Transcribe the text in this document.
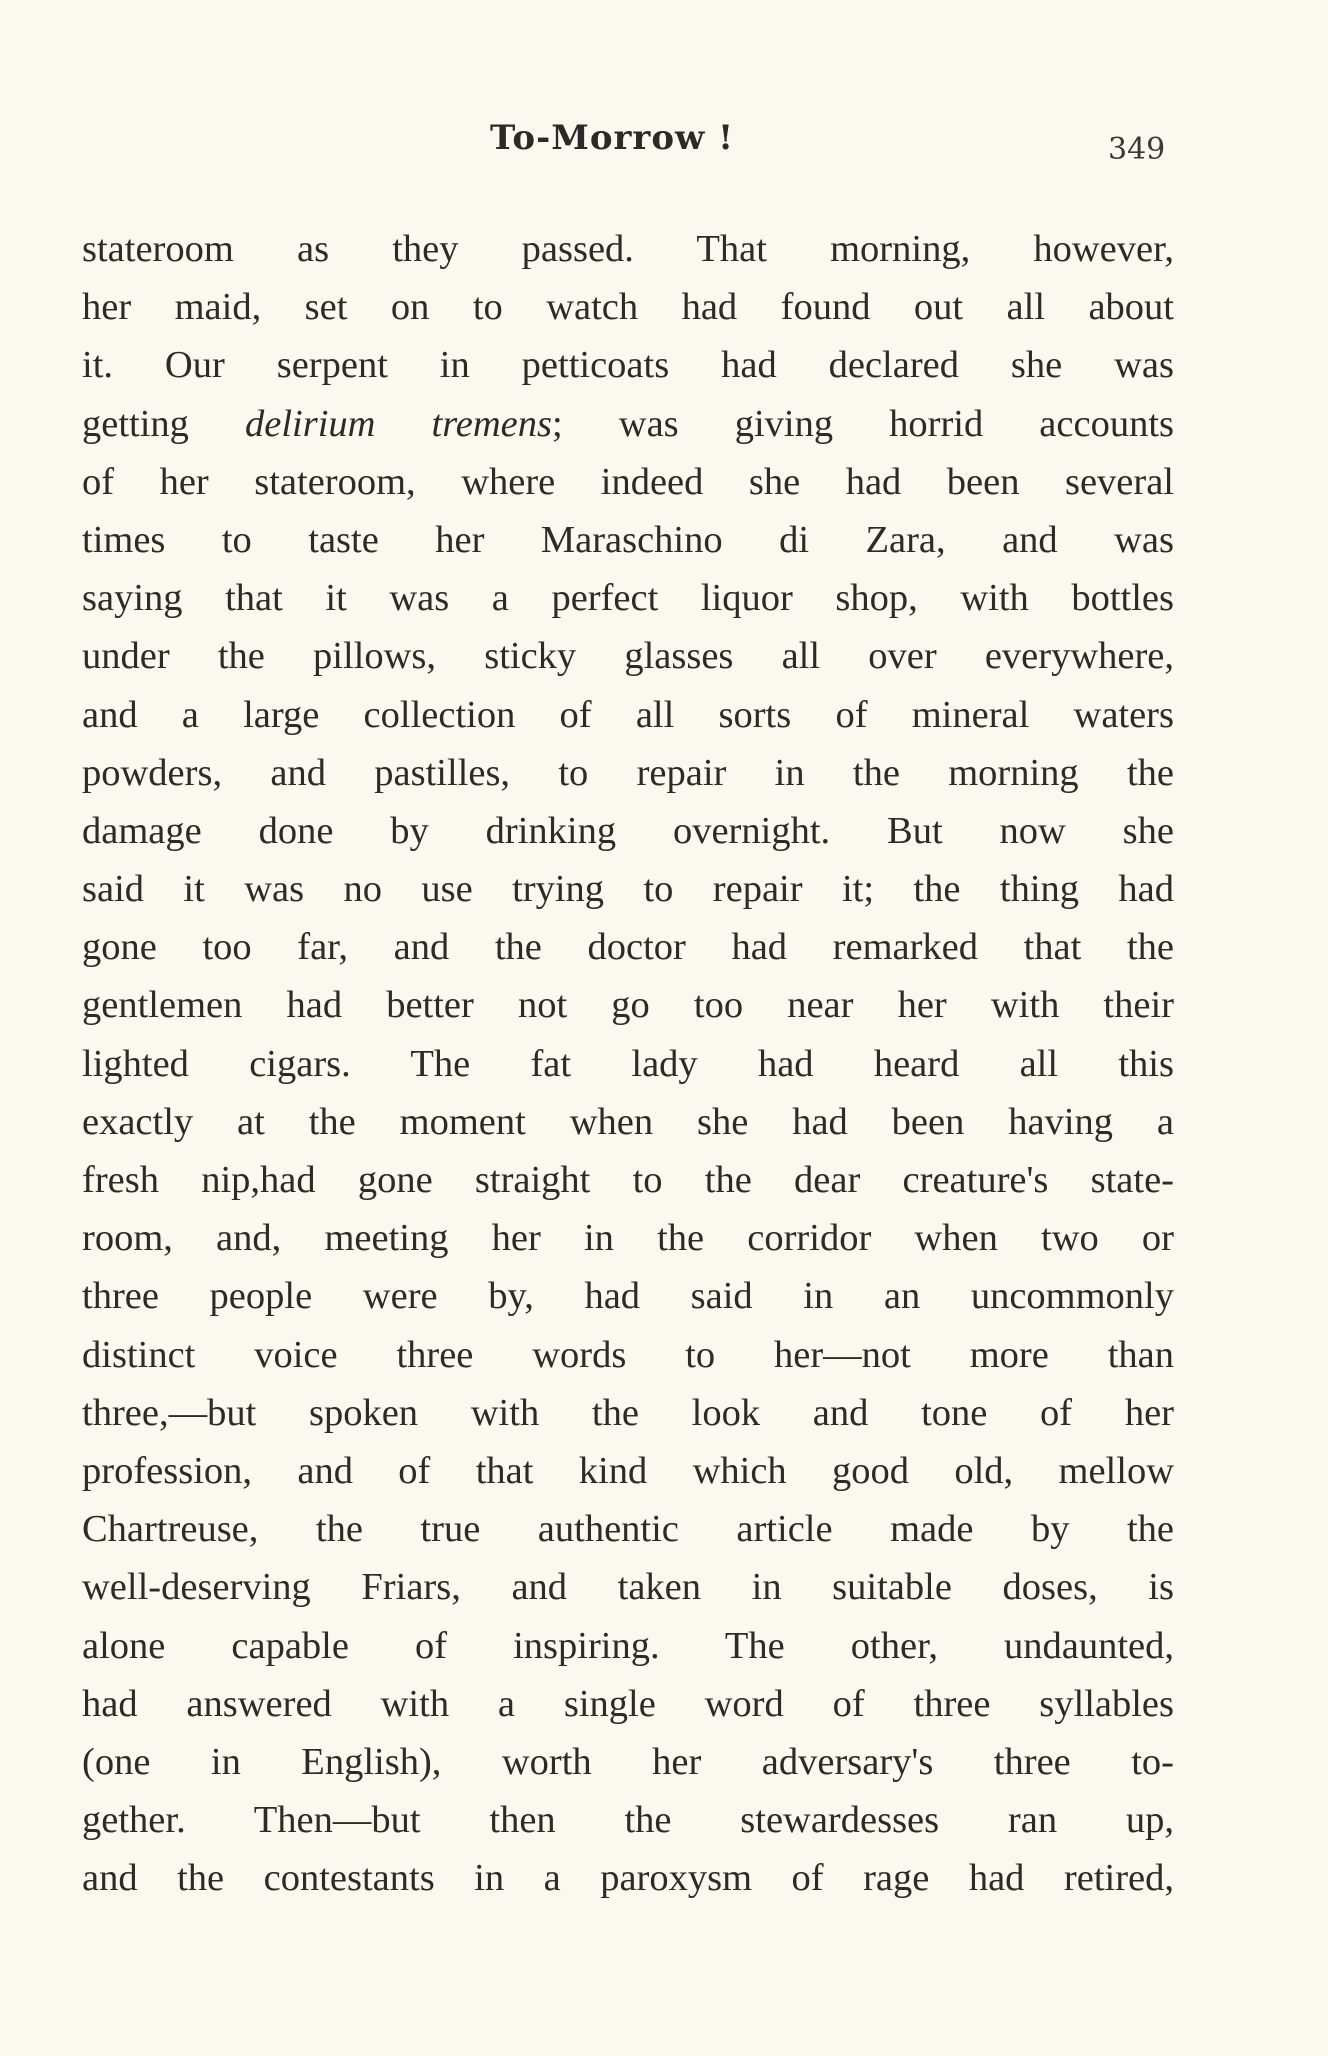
To-Morrow !	349
stateroom as they passed. That morning, however,
her maid, set on to watch had found out all about
it. Our serpent in petticoats had declared she was
getting delirium tremens; was giving horrid accounts
of her stateroom, where indeed she had been several
times to taste her Maraschino di Zara, and was
saying that it was a perfect liquor shop, with bottles
under the pillows, sticky glasses all over everywhere,
and a large collection of all sorts of mineral waters
powders, and pastilles, to repair in the morning the
damage done by drinking overnight. But now she
said it was no use trying to repair it; the thing had
gone too far, and the doctor had remarked that the
gentlemen had better not go too near her with their
lighted cigars. The fat lady had heard all this
exactly at the moment when she had been having a
fresh nip,had gone straight to the dear creature's state-
room, and, meeting her in the corridor when two or
three people were by, had said in an uncommonly
distinct voice three words to her—not more than
three,—but spoken with the look and tone of her
profession, and of that kind which good old, mellow
Chartreuse, the true authentic article made by the
well-deserving Friars, and taken in suitable doses, is
alone capable of inspiring. The other, undaunted,
had answered with a single word of three syllables
(one in English), worth her adversary's three to-
gether. Then—but then the stewardesses ran up,
and the contestants in a paroxysm of rage had retired,
